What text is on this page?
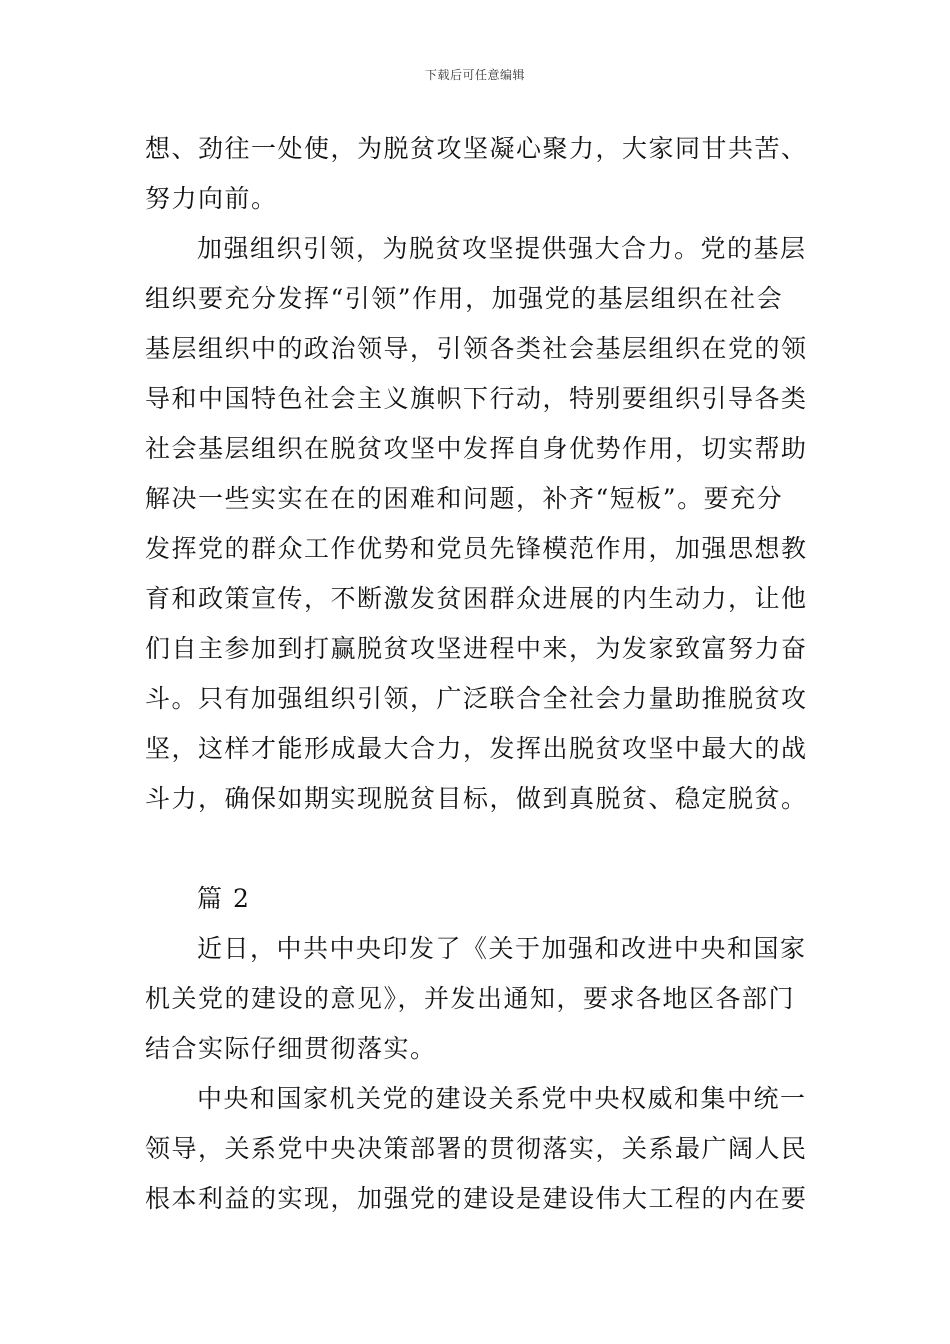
下载后可任意编辑
想、劲往一处使，为脱贫攻坚凝心聚力，大家同甘共苦、
努力向前。
加强组织引领，为脱贫攻坚提供强大合力。党的基层
组织要充分发挥“引领”作用，加强党的基层组织在社会
基层组织中的政治领导，引领各类社会基层组织在党的领
导和中国特色社会主义旗帜下行动，特别要组织引导各类
社会基层组织在脱贫攻坚中发挥自身优势作用，切实帮助
解决一些实实在在的困难和问题，补齐“短板”。要充分
发挥党的群众工作优势和党员先锋模范作用，加强思想教
育和政策宣传，不断激发贫困群众进展的内生动力，让他
们自主参加到打赢脱贫攻坚进程中来，为发家致富努力奋
斗。只有加强组织引领，广泛联合全社会力量助推脱贫攻
坚，这样才能形成最大合力，发挥出脱贫攻坚中最大的战
斗力，确保如期实现脱贫目标，做到真脱贫、稳定脱贫。
篇 2
近日，中共中央印发了《关于加强和改进中央和国家
机关党的建设的意见》，并发出通知，要求各地区各部门
结合实际仔细贯彻落实。
中央和国家机关党的建设关系党中央权威和集中统一
领导，关系党中央决策部署的贯彻落实，关系最广阔人民
根本利益的实现，加强党的建设是建设伟大工程的内在要
